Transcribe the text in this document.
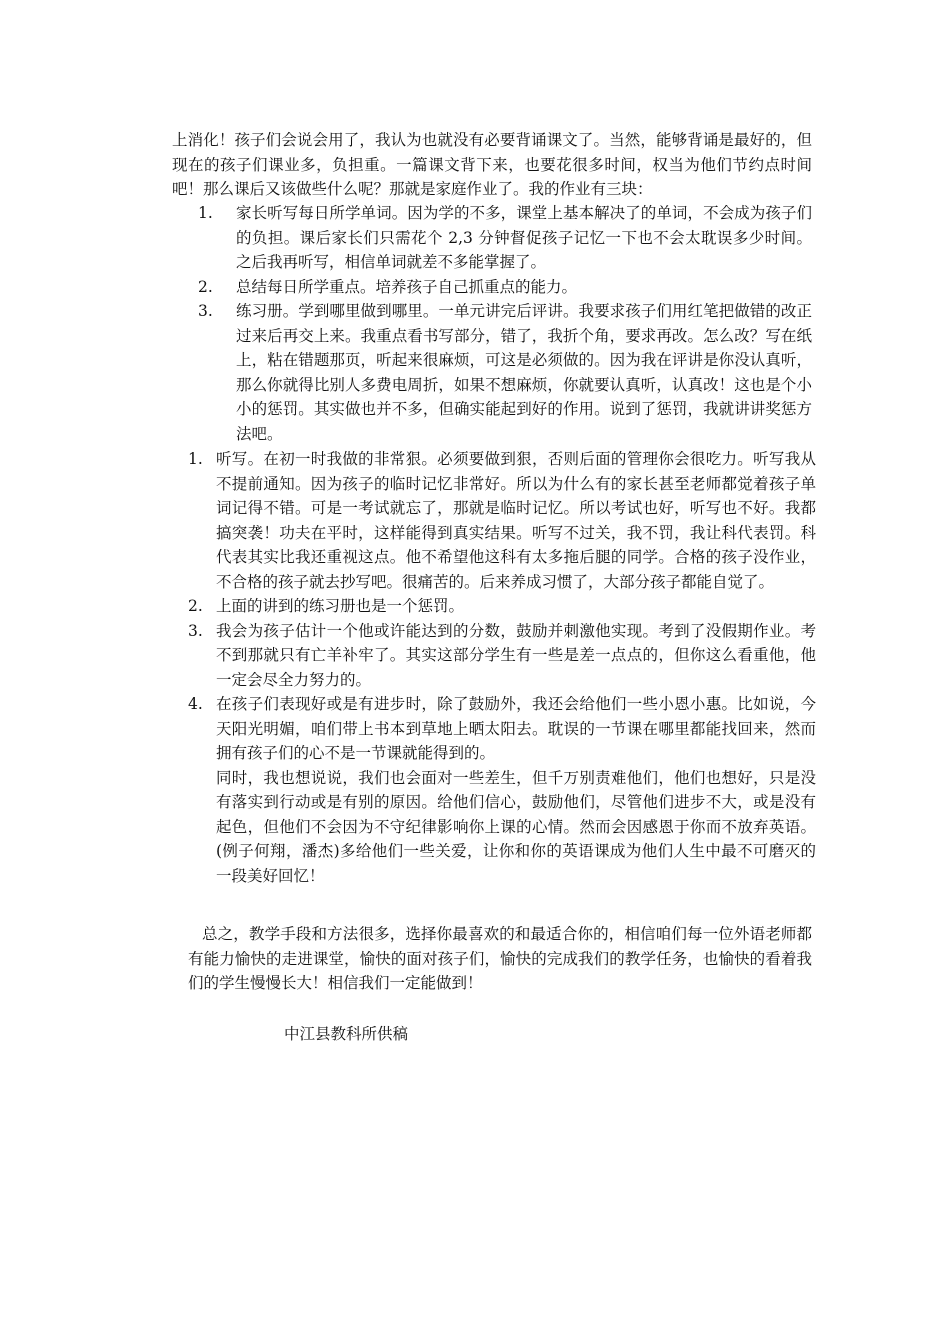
上消化！孩子们会说会用了，我认为也就没有必要背诵课文了。当然，能够背诵是最好的，但现在的孩子们课业多，负担重。一篇课文背下来，也要花很多时间，权当为他们节约点时间吧！那么课后又该做些什么呢？那就是家庭作业了。我的作业有三块：
1. 家长听写每日所学单词。因为学的不多，课堂上基本解决了的单词，不会成为孩子们的负担。课后家长们只需花个 2,3 分钟督促孩子记忆一下也不会太耽误多少时间。之后我再听写，相信单词就差不多能掌握了。
2. 总结每日所学重点。培养孩子自己抓重点的能力。
3. 练习册。学到哪里做到哪里。一单元讲完后评讲。我要求孩子们用红笔把做错的改正过来后再交上来。我重点看书写部分，错了，我折个角，要求再改。怎么改？写在纸上，粘在错题那页，听起来很麻烦，可这是必须做的。因为我在评讲是你没认真听，那么你就得比别人多费电周折，如果不想麻烦，你就要认真听，认真改！这也是个小小的惩罚。其实做也并不多，但确实能起到好的作用。说到了惩罚，我就讲讲奖惩方法吧。
1. 听写。在初一时我做的非常狠。必须要做到狠，否则后面的管理你会很吃力。听写我从不提前通知。因为孩子的临时记忆非常好。所以为什么有的家长甚至老师都觉着孩子单词记得不错。可是一考试就忘了，那就是临时记忆。所以考试也好，听写也不好。我都搞突袭！功夫在平时，这样能得到真实结果。听写不过关，我不罚，我让科代表罚。科代表其实比我还重视这点。他不希望他这科有太多拖后腿的同学。合格的孩子没作业，不合格的孩子就去抄写吧。很痛苦的。后来养成习惯了，大部分孩子都能自觉了。
2. 上面的讲到的练习册也是一个惩罚。
3. 我会为孩子估计一个他或许能达到的分数，鼓励并刺激他实现。考到了没假期作业。考不到那就只有亡羊补牢了。其实这部分学生有一些是差一点点的，但你这么看重他，他一定会尽全力努力的。
4. 在孩子们表现好或是有进步时，除了鼓励外，我还会给他们一些小恩小惠。比如说，今天阳光明媚，咱们带上书本到草地上晒太阳去。耽误的一节课在哪里都能找回来，然而拥有孩子们的心不是一节课就能得到的。
同时，我也想说说，我们也会面对一些差生，但千万别责难他们，他们也想好，只是没有落实到行动或是有别的原因。给他们信心，鼓励他们，尽管他们进步不大，或是没有起色，但他们不会因为不守纪律影响你上课的心情。然而会因感恩于你而不放弃英语。(例子何翔，潘杰)多给他们一些关爱，让你和你的英语课成为他们人生中最不可磨灭的一段美好回忆！
总之，教学手段和方法很多，选择你最喜欢的和最适合你的，相信咱们每一位外语老师都有能力愉快的走进课堂，愉快的面对孩子们，愉快的完成我们的教学任务，也愉快的看着我们的学生慢慢长大！相信我们一定能做到！
中江县教科所供稿
